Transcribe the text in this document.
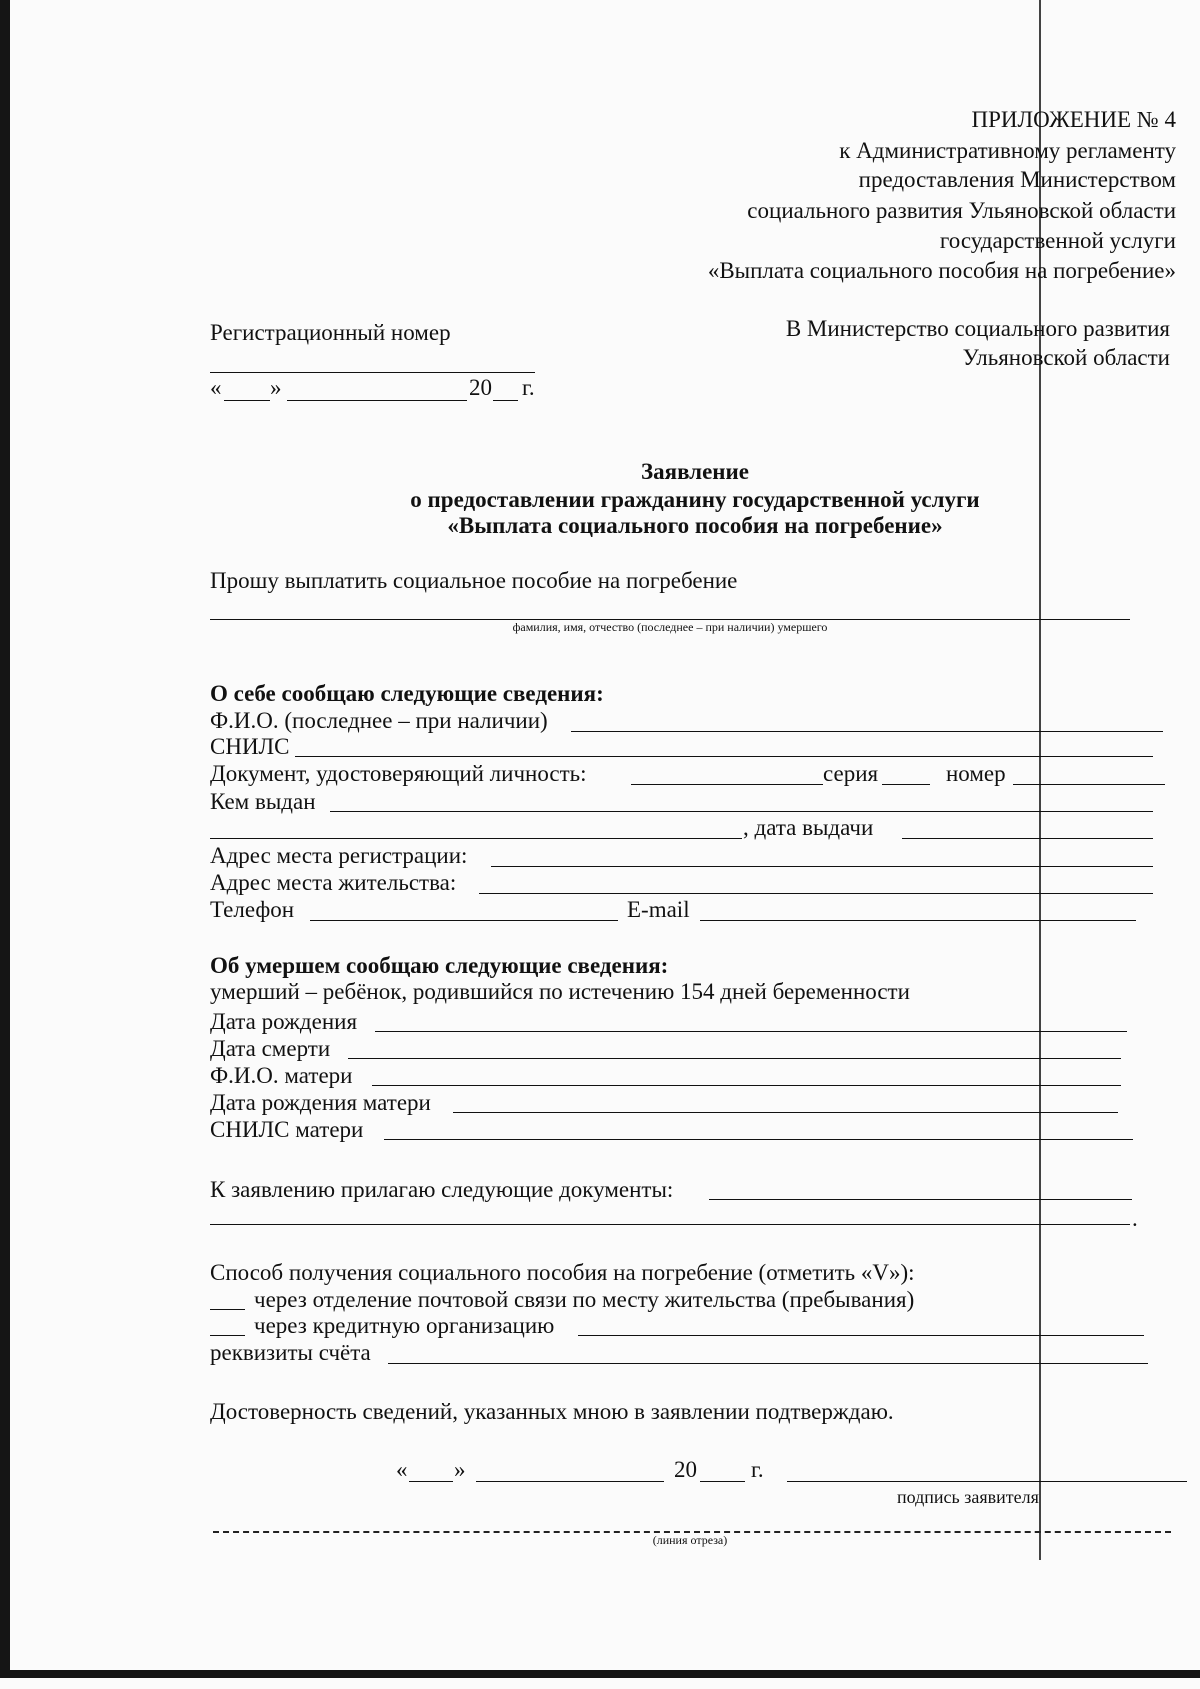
ПРИЛОЖЕНИЕ № 4
к Административному регламенту
предоставления Министерством
социального развития Ульяновской области
государственной услуги
«Выплата социального пособия на погребение»
Регистрационный номер
« »	20 г.
В Министерство социального развития
Ульяновской области
Заявление
о предоставлении гражданину государственной услуги
«Выплата социального пособия на погребение»
Прошу выплатить социальное пособие на погребение
фамилия, имя, отчество (последнее – при наличии) умершего
О себе сообщаю следующие сведения:
Ф.И.О. (последнее – при наличии)
СНИЛС
Документ, удостоверяющий личность:	серия	номер
Кем выдан
, дата выдачи
Адрес места регистрации:
Адрес места жительства:
Телефон	E-mail
Об умершем сообщаю следующие сведения:
умерший – ребёнок, родившийся по истечению 154 дней беременности
Дата рождения
Дата смерти
Ф.И.О. матери
Дата рождения матери
СНИЛС матери
К заявлению прилагаю следующие документы:
.
Способ получения социального пособия на погребение (отметить «V»):
через отделение почтовой связи по месту жительства (пребывания)
через кредитную организацию
реквизиты счёта
Достоверность сведений, указанных мною в заявлении подтверждаю.
« »	20 г.
подпись заявителя
(линия отреза)
